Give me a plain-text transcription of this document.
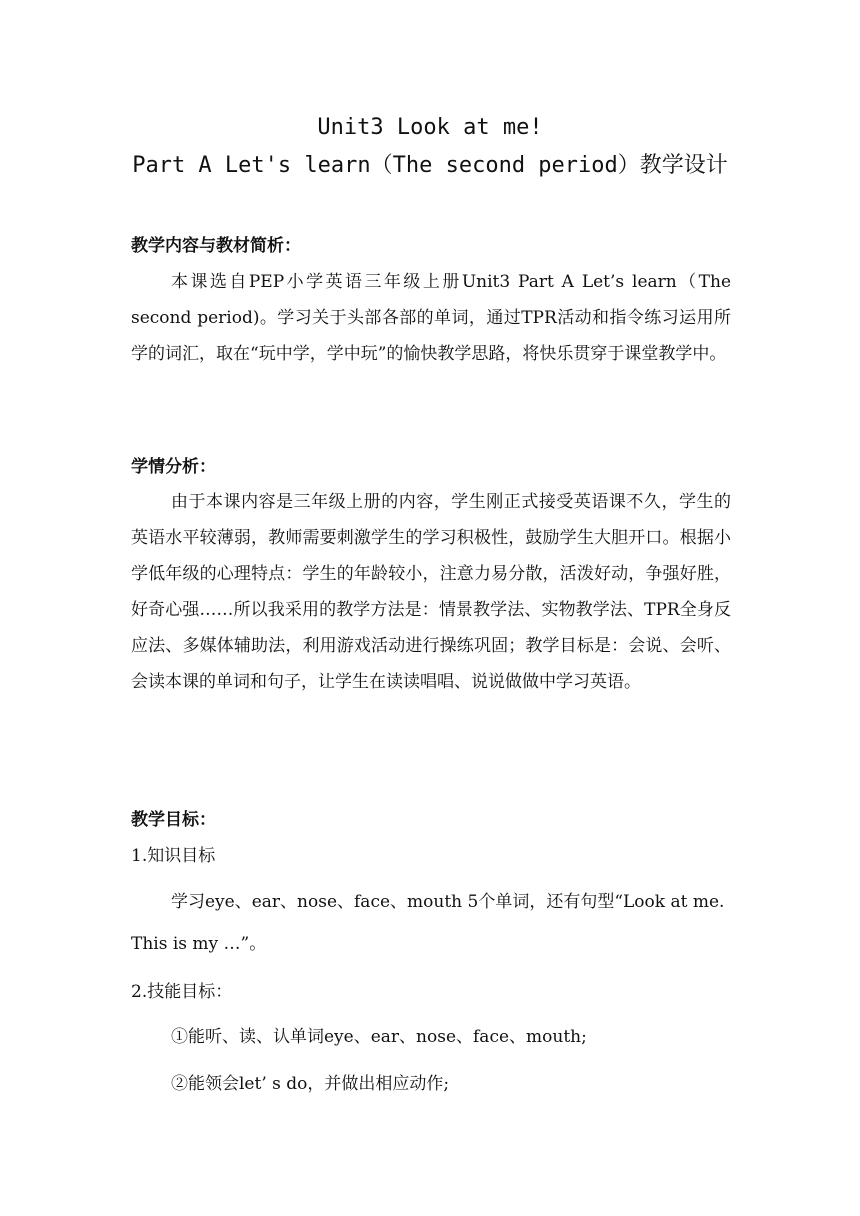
Unit3 Look at me!
Part A Let's learn（The second period）教学设计
教学内容与教材简析：
本课选自PEP小学英语三年级上册Unit3 Part A Let’s learn（The second period)。学习关于头部各部的单词，通过TPR活动和指令练习运用所学的词汇，取在“玩中学，学中玩”的愉快教学思路，将快乐贯穿于课堂教学中。
学情分析：
由于本课内容是三年级上册的内容，学生刚正式接受英语课不久，学生的英语水平较薄弱，教师需要刺激学生的学习积极性，鼓励学生大胆开口。根据小学低年级的心理特点：学生的年龄较小，注意力易分散，活泼好动，争强好胜，好奇心强……所以我采用的教学方法是：情景教学法、实物教学法、TPR全身反应法、多媒体辅助法，利用游戏活动进行操练巩固；教学目标是：会说、会听、会读本课的单词和句子，让学生在读读唱唱、说说做做中学习英语。
教学目标：
1.知识目标
学习eye、ear、nose、face、mouth 5个单词，还有句型“Look at me. This is my …”。
2.技能目标：
①能听、读、认单词eye、ear、nose、face、mouth;
②能领会let’ s do，并做出相应动作;
